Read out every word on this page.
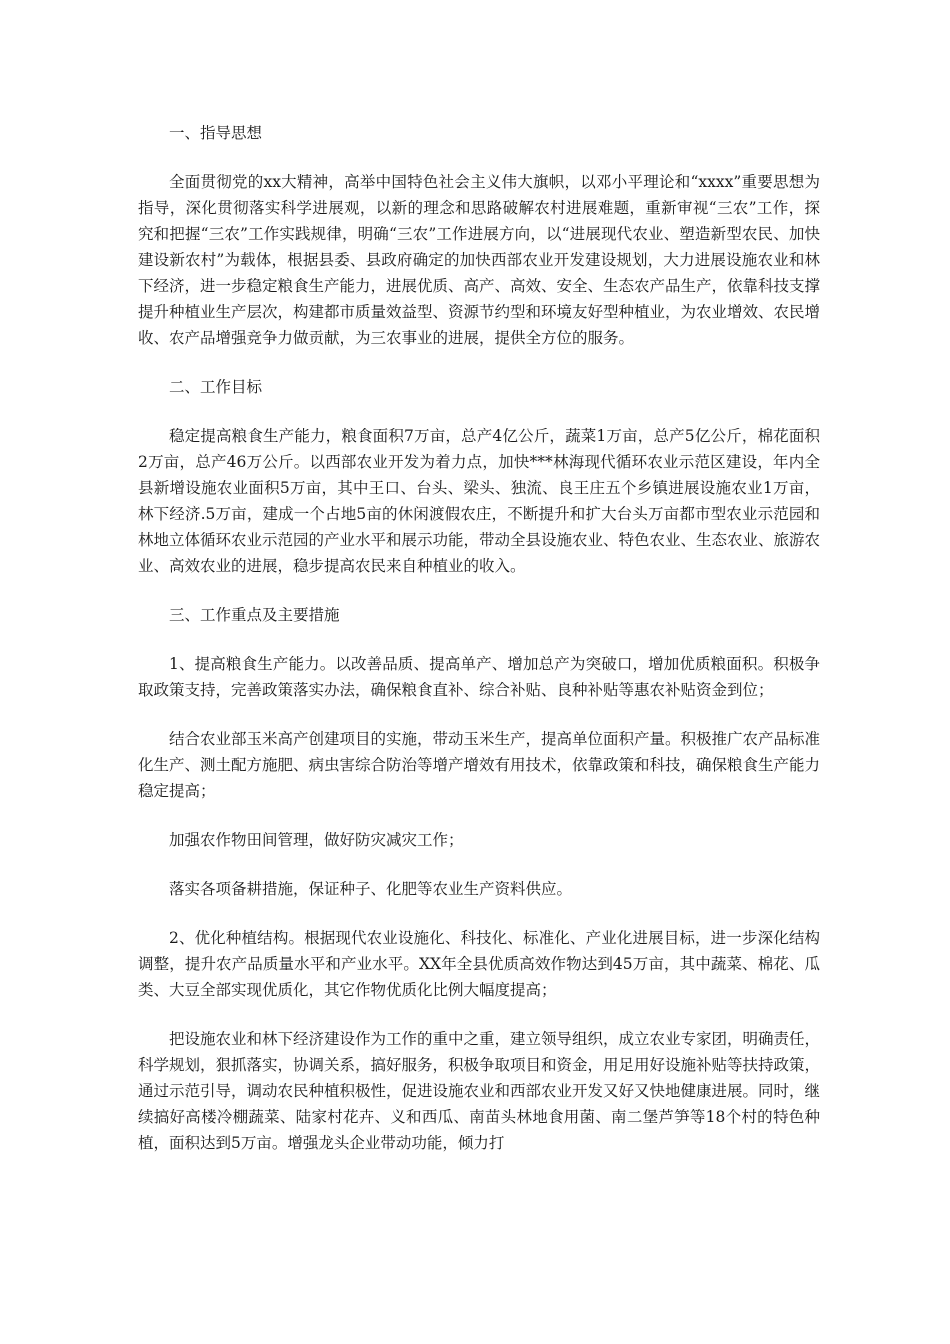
一、指导思想

全面贯彻党的xx大精神，高举中国特色社会主义伟大旗帜，以邓小平理论和“xxxx”重要思想为指导，深化贯彻落实科学进展观，以新的理念和思路破解农村进展难题，重新审视“三农”工作，探究和把握“三农”工作实践规律，明确“三农”工作进展方向，以“进展现代农业、塑造新型农民、加快建设新农村”为载体，根据县委、县政府确定的加快西部农业开发建设规划，大力进展设施农业和林下经济，进一步稳定粮食生产能力，进展优质、高产、高效、安全、生态农产品生产，依靠科技支撑提升种植业生产层次，构建都市质量效益型、资源节约型和环境友好型种植业，为农业增效、农民增收、农产品增强竞争力做贡献，为三农事业的进展，提供全方位的服务。

二、工作目标

稳定提高粮食生产能力，粮食面积7万亩，总产4亿公斤，蔬菜1万亩，总产5亿公斤，棉花面积2万亩，总产46万公斤。以西部农业开发为着力点，加快***林海现代循环农业示范区建设，年内全县新增设施农业面积5万亩，其中王口、台头、梁头、独流、良王庄五个乡镇进展设施农业1万亩，林下经济.5万亩，建成一个占地5亩的休闲渡假农庄，不断提升和扩大台头万亩都市型农业示范园和林地立体循环农业示范园的产业水平和展示功能，带动全县设施农业、特色农业、生态农业、旅游农业、高效农业的进展，稳步提高农民来自种植业的收入。

三、工作重点及主要措施

1、提高粮食生产能力。以改善品质、提高单产、增加总产为突破口，增加优质粮面积。积极争取政策支持，完善政策落实办法，确保粮食直补、综合补贴、良种补贴等惠农补贴资金到位；

结合农业部玉米高产创建项目的实施，带动玉米生产，提高单位面积产量。积极推广农产品标准化生产、测土配方施肥、病虫害综合防治等增产增效有用技术，依靠政策和科技，确保粮食生产能力稳定提高；

加强农作物田间管理，做好防灾减灾工作；

落实各项备耕措施，保证种子、化肥等农业生产资料供应。

2、优化种植结构。根据现代农业设施化、科技化、标准化、产业化进展目标，进一步深化结构调整，提升农产品质量水平和产业水平。XX年全县优质高效作物达到45万亩，其中蔬菜、棉花、瓜类、大豆全部实现优质化，其它作物优质化比例大幅度提高；

把设施农业和林下经济建设作为工作的重中之重，建立领导组织，成立农业专家团，明确责任，科学规划，狠抓落实，协调关系，搞好服务，积极争取项目和资金，用足用好设施补贴等扶持政策，通过示范引导，调动农民种植积极性，促进设施农业和西部农业开发又好又快地健康进展。同时，继续搞好高楼冷棚蔬菜、陆家村花卉、义和西瓜、南苗头林地食用菌、南二堡芦笋等18个村的特色种植，面积达到5万亩。增强龙头企业带动功能，倾力打
